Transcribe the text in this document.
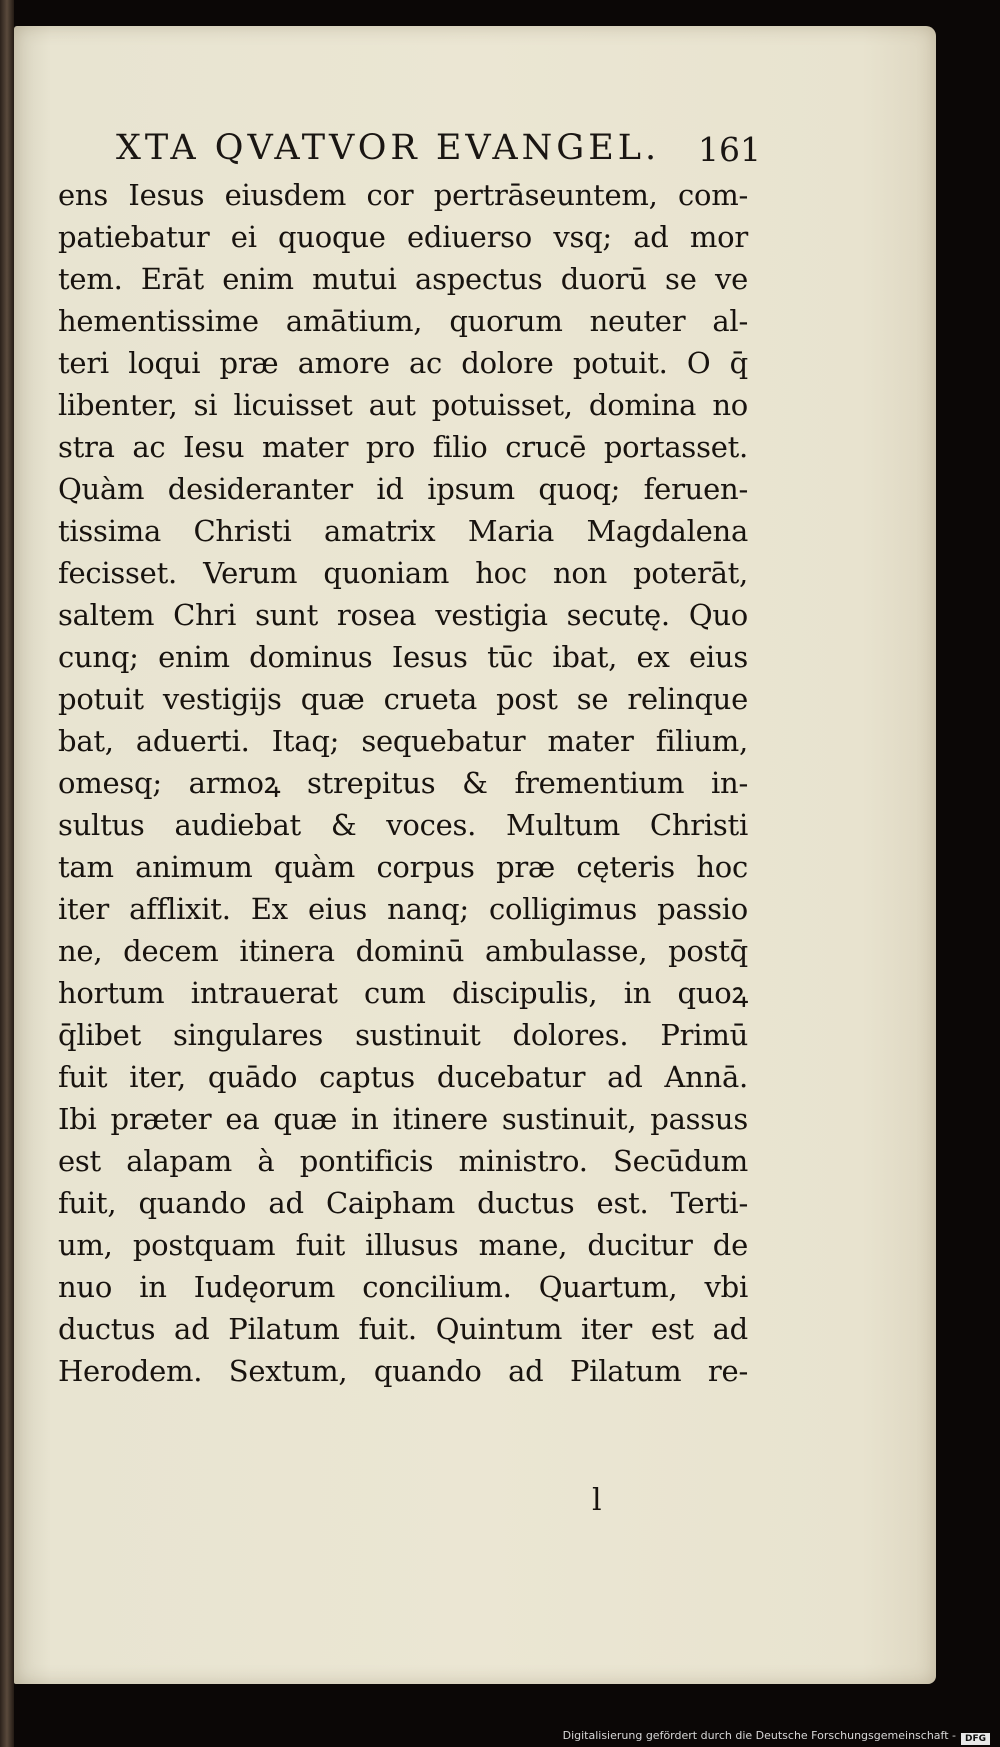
XTA QVATVOR EVANGEL. 161
ens Iesus eiusdem cor pertrāseuntem, com-
patiebatur ei quoque ediuerso vsq; ad mor
tem. Erāt enim mutui aspectus duorū se ve
hementissime amātium, quorum neuter al-
teri loqui præ amore ac dolore potuit. O q̄
libenter, si licuisset aut potuisset, domina no
stra ac Iesu mater pro filio crucē portasset.
Quàm desideranter id ipsum quoq; feruen-
tissima Christi amatrix Maria Magdalena
fecisset. Verum quoniam hoc non poterāt,
saltem Chri sunt rosea vestigia secutę. Quo
cunq; enim dominus Iesus tūc ibat, ex eius
potuit vestigijs quæ crueta post se relinque
bat, aduerti. Itaq; sequebatur mater filium,
omesq; armoꝝ strepitus & frementium in-
sultus audiebat & voces. Multum Christi
tam animum quàm corpus præ cęteris hoc
iter afflixit. Ex eius nanq; colligimus passio
ne, decem itinera dominū ambulasse, postq̄
hortum intrauerat cum discipulis, in quoꝝ
q̄libet singulares sustinuit dolores. Primū
fuit iter, quādo captus ducebatur ad Annā.
Ibi præter ea quæ in itinere sustinuit, passus
est alapam à pontificis ministro. Secūdum
fuit, quando ad Caipham ductus est. Terti-
um, postquam fuit illusus mane, ducitur de
nuo in Iudęorum concilium. Quartum, vbi
ductus ad Pilatum fuit. Quintum iter est ad
Herodem. Sextum, quando ad Pilatum re-
l
Digitalisierung gefördert durch die Deutsche Forschungsgemeinschaft - DFG
